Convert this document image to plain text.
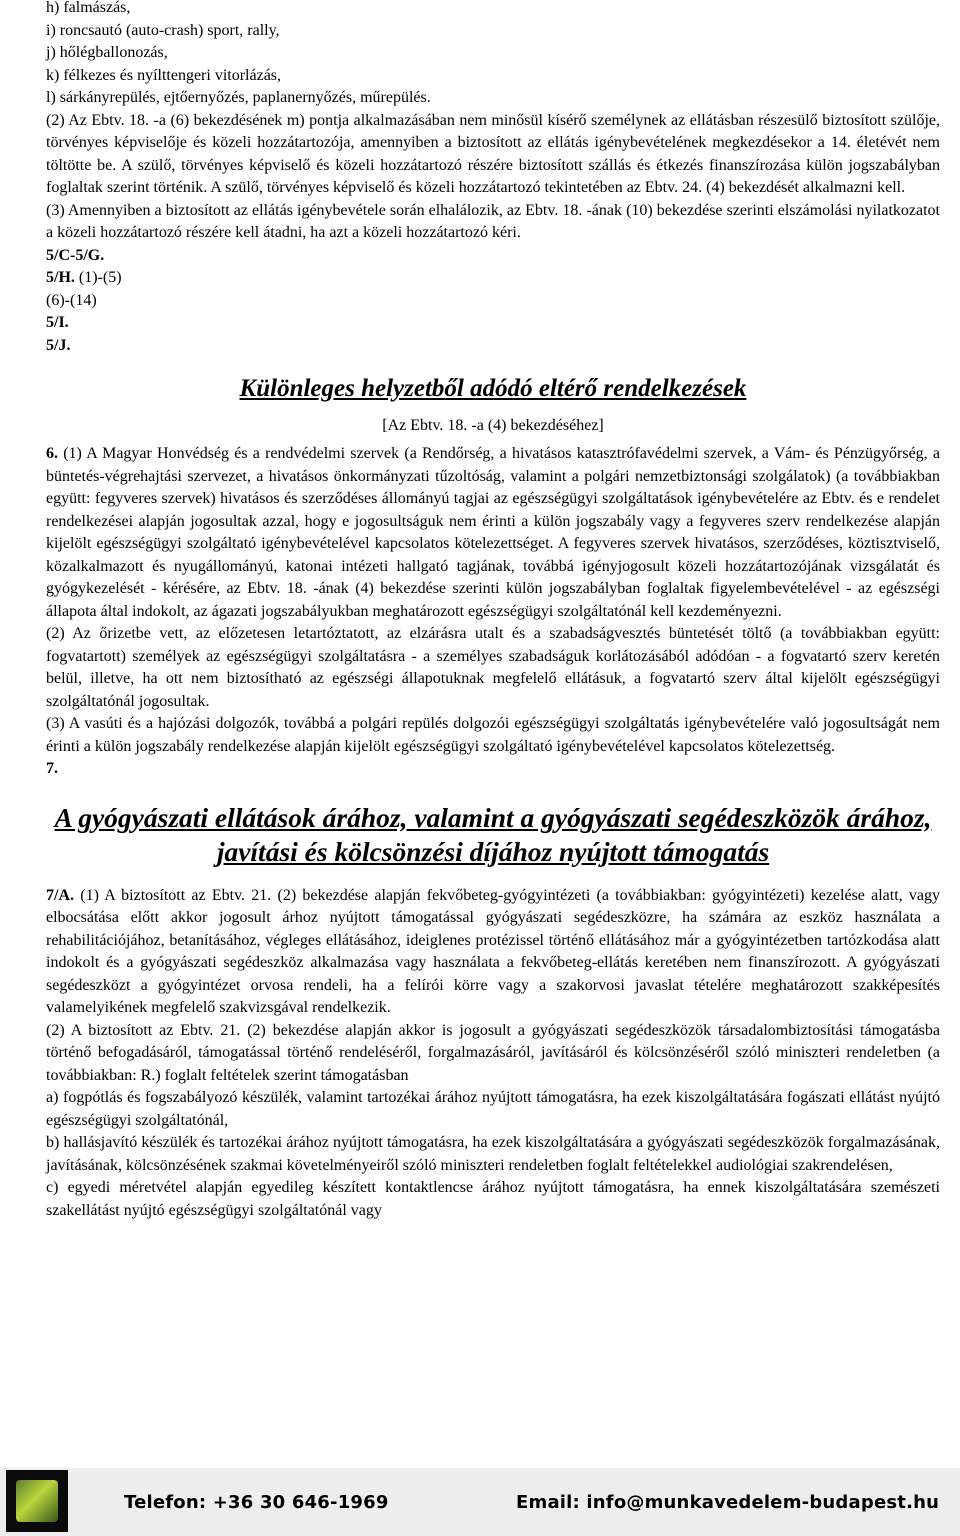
h) falmászás,

i) roncsautó (auto-crash) sport, rally,

j) hőlégballonozás,

k) félkezes és nyílttengeri vitorlázás,

l) sárkányrepülés, ejtőernyőzés, paplanernyőzés, műrepülés.

(2) Az Ebtv. 18. -a (6) bekezdésének m) pontja alkalmazásában nem minősül kísérő személynek az ellátásban részesülő biztosított szülője, törvényes képviselője és közeli hozzátartozója, amennyiben a biztosított az ellátás igénybevételének megkezdésekor a 14. életévét nem töltötte be. A szülő, törvényes képviselő és közeli hozzátartozó részére biztosított szállás és étkezés finanszírozása külön jogszabályban foglaltak szerint történik. A szülő, törvényes képviselő és közeli hozzátartozó tekintetében az Ebtv. 24. (4) bekezdését alkalmazni kell.

(3) Amennyiben a biztosított az ellátás igénybevétele során elhalálozik, az Ebtv. 18. -ának (10) bekezdése szerinti elszámolási nyilatkozatot a közeli hozzátartozó részére kell átadni, ha azt a közeli hozzátartozó kéri.

5/C-5/G.

5/H. (1)-(5)

(6)-(14)

5/I.

5/J.

Különleges helyzetből adódó eltérő rendelkezések

[Az Ebtv. 18. -a (4) bekezdéséhez]

6. (1) A Magyar Honvédség és a rendvédelmi szervek (a Rendőrség, a hivatásos katasztrófavédelmi szervek, a Vám- és Pénzügyőrség, a büntetés-végrehajtási szervezet, a hivatásos önkormányzati tűzoltóság, valamint a polgári nemzetbiztonsági szolgálatok) (a továbbiakban együtt: fegyveres szervek) hivatásos és szerződéses állományú tagjai az egészségügyi szolgáltatások igénybevételére az Ebtv. és e rendelet rendelkezései alapján jogosultak azzal, hogy e jogosultságuk nem érinti a külön jogszabály vagy a fegyveres szerv rendelkezése alapján kijelölt egészségügyi szolgáltató igénybevételével kapcsolatos kötelezettséget. A fegyveres szervek hivatásos, szerződéses, köztisztviselő, közalkalmazott és nyugállományú, katonai intézeti hallgató tagjának, továbbá igényjogosult közeli hozzátartozójának vizsgálatát és gyógykezelését - kérésére, az Ebtv. 18. -ának (4) bekezdése szerinti külön jogszabályban foglaltak figyelembevételével - az egészségi állapota által indokolt, az ágazati jogszabályukban meghatározott egészségügyi szolgáltatónál kell kezdeményezni.

(2) Az őrizetbe vett, az előzetesen letartóztatott, az elzárásra utalt és a szabadságvesztés büntetését töltő (a továbbiakban együtt: fogvatartott) személyek az egészségügyi szolgáltatásra - a személyes szabadságuk korlátozásából adódóan - a fogvatartó szerv keretén belül, illetve, ha ott nem biztosítható az egészségi állapotuknak megfelelő ellátásuk, a fogvatartó szerv által kijelölt egészségügyi szolgáltatónál jogosultak.

(3) A vasúti és a hajózási dolgozók, továbbá a polgári repülés dolgozói egészségügyi szolgáltatás igénybevételére való jogosultságát nem érinti a külön jogszabály rendelkezése alapján kijelölt egészségügyi szolgáltató igénybevételével kapcsolatos kötelezettség.

7.

A gyógyászati ellátások árához, valamint a gyógyászati segédeszközök árához,

javítási és kölcsönzési díjához nyújtott támogatás

7/A. (1) A biztosított az Ebtv. 21. (2) bekezdése alapján fekvőbeteg-gyógyintézeti (a továbbiakban: gyógyintézeti) kezelése alatt, vagy elbocsátása előtt akkor jogosult árhoz nyújtott támogatással gyógyászati segédeszközre, ha számára az eszköz használata a rehabilitációjához, betanításához, végleges ellátásához, ideiglenes protézissel történő ellátásához már a gyógyintézetben tartózkodása alatt indokolt és a gyógyászati segédeszköz alkalmazása vagy használata a fekvőbeteg-ellátás keretében nem finanszírozott. A gyógyászati segédeszközt a gyógyintézet orvosa rendeli, ha a felírói körre vagy a szakorvosi javaslat tételére meghatározott szakképesítés valamelyikének megfelelő szakvizsgával rendelkezik.

(2) A biztosított az Ebtv. 21. (2) bekezdése alapján akkor is jogosult a gyógyászati segédeszközök társadalombiztosítási támogatásba történő befogadásáról, támogatással történő rendeléséről, forgalmazásáról, javításáról és kölcsönzéséről szóló miniszteri rendeletben (a továbbiakban: R.) foglalt feltételek szerint támogatásban

a) fogpótlás és fogszabályozó készülék, valamint tartozékai árához nyújtott támogatásra, ha ezek kiszolgáltatására fogászati ellátást nyújtó egészségügyi szolgáltatónál,

b) hallásjavító készülék és tartozékai árához nyújtott támogatásra, ha ezek kiszolgáltatására a gyógyászati segédeszközök forgalmazásának, javításának, kölcsönzésének szakmai követelményeiről szóló miniszteri rendeletben foglalt feltételekkel audiológiai szakrendelésen,

c) egyedi méretvétel alapján egyedileg készített kontaktlencse árához nyújtott támogatásra, ha ennek kiszolgáltatására szemészeti szakellátást nyújtó egészségügyi szolgáltatónál vagy

Telefon: +36 30 646-1969	Email: info@munkavedelem-budapest.hu
